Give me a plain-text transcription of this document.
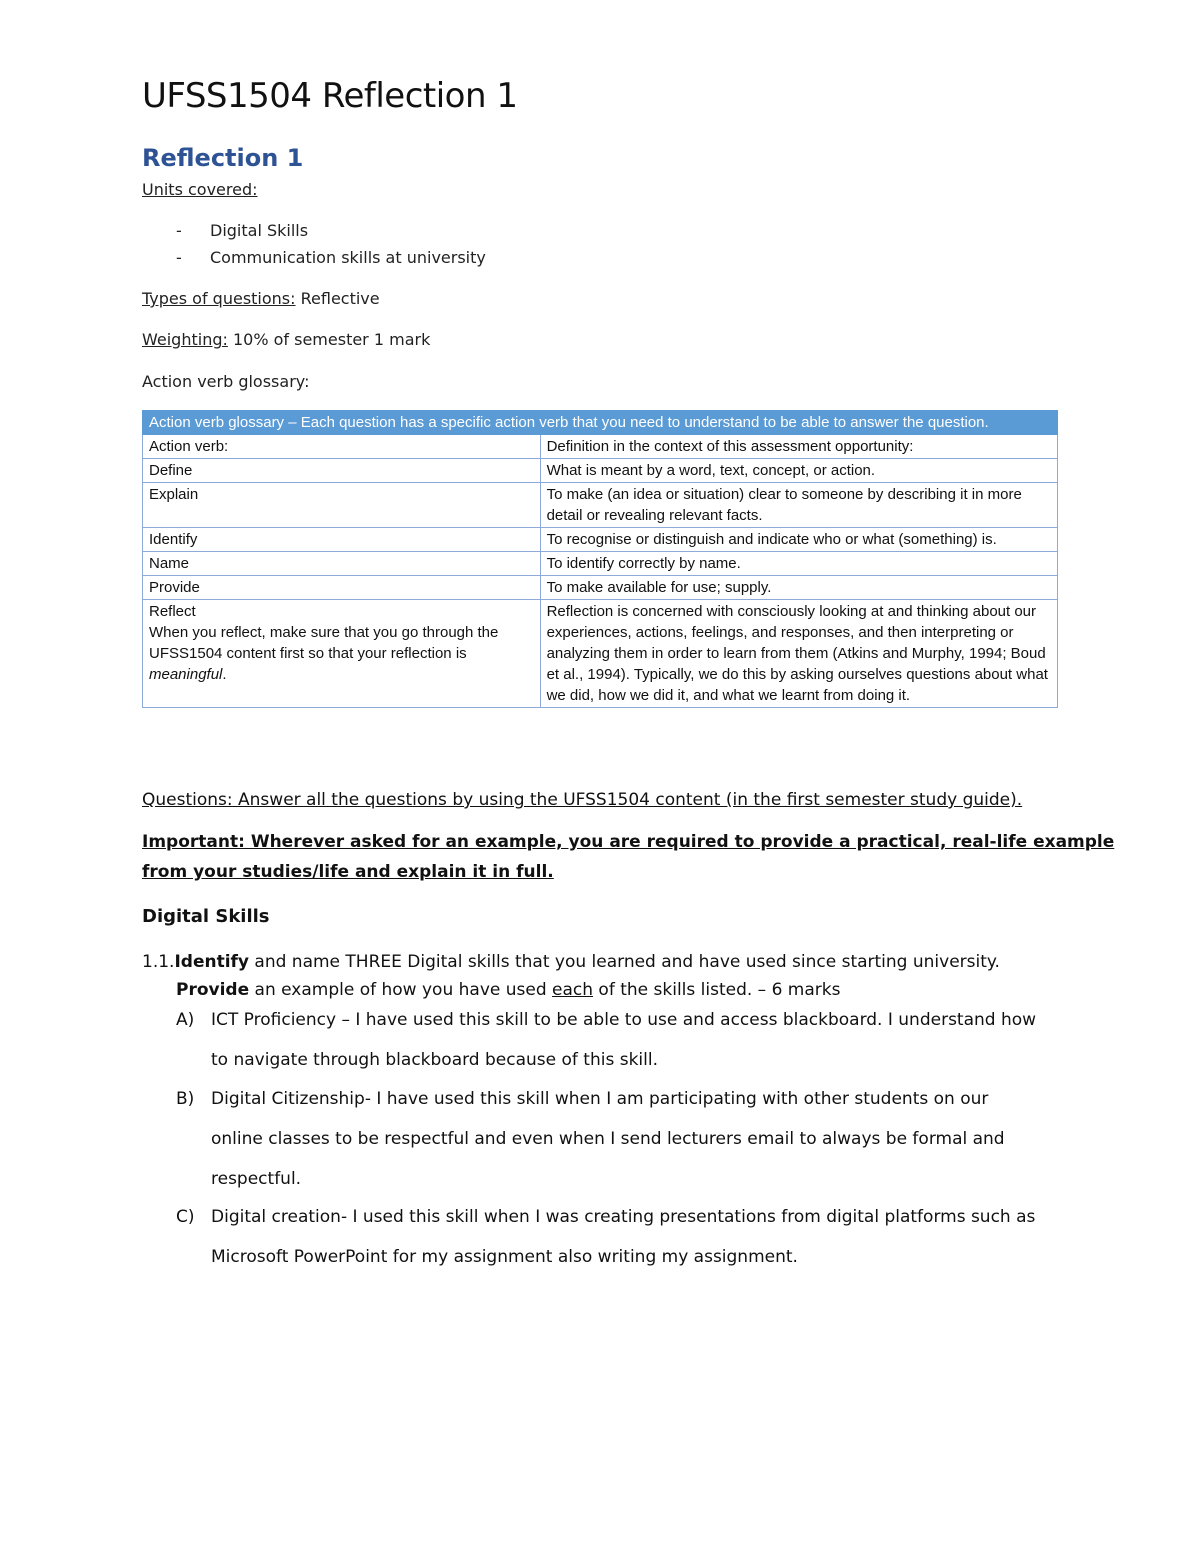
UFSS1504 Reflection 1
Reflection 1
Units covered:
- Digital Skills
- Communication skills at university
Types of questions: Reflective
Weighting: 10% of semester 1 mark
Action verb glossary:
Action verb glossary – Each question has a specific action verb that you need to understand to be able to answer the question.	
Action verb:	Definition in the context of this assessment opportunity:
Define	What is meant by a word, text, concept, or action.
Explain	To make (an idea or situation) clear to someone by describing it in more detail or revealing relevant facts.
Identify	To recognise or distinguish and indicate who or what (something) is.
Name	To identify correctly by name.
Provide	To make available for use; supply.

Reflect
When you reflect, make sure that you go through the UFSS1504 content first so that your reflection is meaningful.	Reflection is concerned with consciously looking at and thinking about our experiences, actions, feelings, and responses, and then interpreting or analyzing them in order to learn from them (Atkins and Murphy, 1994; Boud et al., 1994). Typically, we do this by asking ourselves questions about what we did, how we did it, and what we learnt from doing it.
Questions: Answer all the questions by using the UFSS1504 content (in the first semester study guide).
Important: Wherever asked for an example, you are required to provide a practical, real-life example
from your studies/life and explain it in full.
Digital Skills
1.1.Identify and name THREE Digital skills that you learned and have used since starting university.
Provide an example of how you have used each of the skills listed. – 6 marks
A) ICT Proficiency – I have used this skill to be able to use and access blackboard. I understand how
to navigate through blackboard because of this skill.
B) Digital Citizenship- I have used this skill when I am participating with other students on our
online classes to be respectful and even when I send lecturers email to always be formal and
respectful.
C) Digital creation- I used this skill when I was creating presentations from digital platforms such as
Microsoft PowerPoint for my assignment also writing my assignment.
